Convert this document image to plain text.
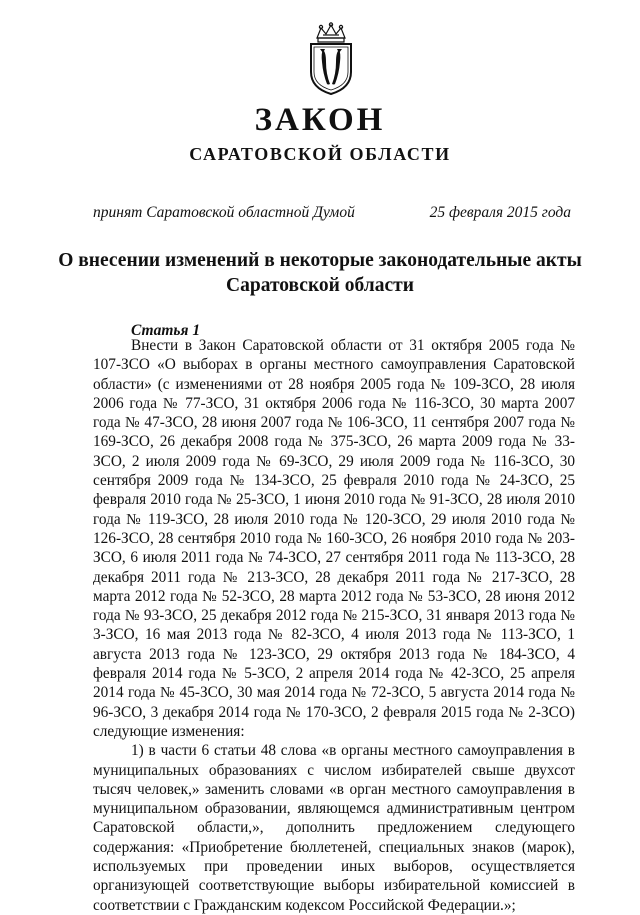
ЗАКОН
САРАТОВСКОЙ ОБЛАСТИ
принят Саратовской областной Думой	25 февраля 2015 года
О внесении изменений в некоторые законодательные акты Саратовской области
Статья 1

Внести в Закон Саратовской области от 31 октября 2005 года № 107-ЗСО «О выборах в органы местного самоуправления Саратовской области» (с изменениями от 28 ноября 2005 года № 109-ЗСО, 28 июля 2006 года № 77-ЗСО, 31 октября 2006 года № 116-ЗСО, 30 марта 2007 года № 47-ЗСО, 28 июня 2007 года № 106-ЗСО, 11 сентября 2007 года № 169-ЗСО, 26 декабря 2008 года № 375-ЗСО, 26 марта 2009 года № 33-ЗСО, 2 июля 2009 года № 69-ЗСО, 29 июля 2009 года № 116-ЗСО, 30 сентября 2009 года № 134-ЗСО, 25 февраля 2010 года № 24-ЗСО, 25 февраля 2010 года № 25-ЗСО, 1 июня 2010 года № 91-ЗСО, 28 июля 2010 года № 119-ЗСО, 28 июля 2010 года № 120-ЗСО, 29 июля 2010 года № 126-ЗСО, 28 сентября 2010 года № 160-ЗСО, 26 ноября 2010 года № 203-ЗСО, 6 июля 2011 года № 74-ЗСО, 27 сентября 2011 года № 113-ЗСО, 28 декабря 2011 года № 213-ЗСО, 28 декабря 2011 года № 217-ЗСО, 28 марта 2012 года № 52-ЗСО, 28 марта 2012 года № 53-ЗСО, 28 июня 2012 года № 93-ЗСО, 25 декабря 2012 года № 215-ЗСО, 31 января 2013 года № 3-ЗСО, 16 мая 2013 года № 82-ЗСО, 4 июля 2013 года № 113-ЗСО, 1 августа 2013 года № 123-ЗСО, 29 октября 2013 года № 184-ЗСО, 4 февраля 2014 года № 5-ЗСО, 2 апреля 2014 года № 42-ЗСО, 25 апреля 2014 года № 45-ЗСО, 30 мая 2014 года № 72-ЗСО, 5 августа 2014 года № 96-ЗСО, 3 декабря 2014 года № 170-ЗСО, 2 февраля 2015 года № 2-ЗСО) следующие изменения:

1) в части 6 статьи 48 слова «в органы местного самоуправления в муниципальных образованиях с числом избирателей свыше двухсот тысяч человек,» заменить словами «в орган местного самоуправления в муниципальном образовании, являющемся административным центром Саратовской области,», дополнить предложением следующего содержания: «Приобретение бюллетеней, специальных знаков (марок), используемых при проведении иных выборов, осуществляется организующей соответствующие выборы избирательной комиссией в соответствии с Гражданским кодексом Российской Федерации.»;
